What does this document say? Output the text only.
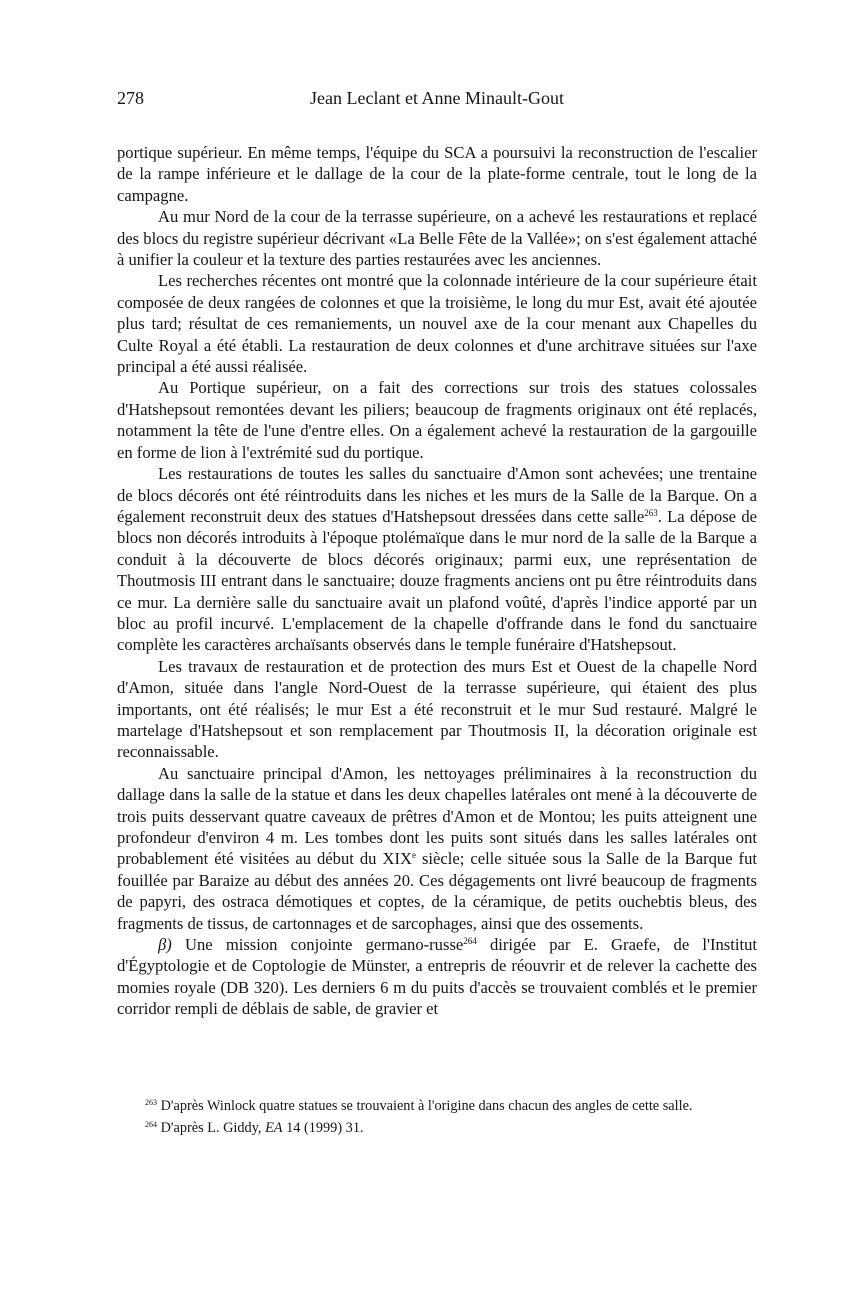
278	Jean Leclant et Anne Minault-Gout

portique supérieur. En même temps, l'équipe du SCA a poursuivi la reconstruction de l'escalier de la rampe inférieure et le dallage de la cour de la plate-forme centrale, tout le long de la campagne.

Au mur Nord de la cour de la terrasse supérieure, on a achevé les restaurations et replacé des blocs du registre supérieur décrivant «La Belle Fête de la Vallée»; on s'est également attaché à unifier la couleur et la texture des parties restaurées avec les anciennes.

Les recherches récentes ont montré que la colonnade intérieure de la cour supérieure était composée de deux rangées de colonnes et que la troisième, le long du mur Est, avait été ajoutée plus tard; résultat de ces remaniements, un nouvel axe de la cour menant aux Chapelles du Culte Royal a été établi. La restauration de deux colonnes et d'une architrave situées sur l'axe principal a été aussi réalisée.

Au Portique supérieur, on a fait des corrections sur trois des statues colossales d'Hatshepsout remontées devant les piliers; beaucoup de fragments originaux ont été replacés, notamment la tête de l'une d'entre elles. On a également achevé la restauration de la gargouille en forme de lion à l'extrémité sud du portique.

Les restaurations de toutes les salles du sanctuaire d'Amon sont achevées; une trentaine de blocs décorés ont été réintroduits dans les niches et les murs de la Salle de la Barque. On a également reconstruit deux des statues d'Hatshepsout dressées dans cette salle$^{263}$. La dépose de blocs non décorés introduits à l'époque ptolémaïque dans le mur nord de la salle de la Barque a conduit à la découverte de blocs décorés originaux; parmi eux, une représentation de Thoutmosis III entrant dans le sanctuaire; douze fragments anciens ont pu être réintroduits dans ce mur. La dernière salle du sanctuaire avait un plafond voûté, d'après l'indice apporté par un bloc au profil incurvé. L'emplacement de la chapelle d'offrande dans le fond du sanctuaire complète les caractères archaïsants observés dans le temple funéraire d'Hatshepsout.

Les travaux de restauration et de protection des murs Est et Ouest de la chapelle Nord d'Amon, située dans l'angle Nord-Ouest de la terrasse supérieure, qui étaient des plus importants, ont été réalisés; le mur Est a été reconstruit et le mur Sud restauré. Malgré le martelage d'Hatshepsout et son remplacement par Thoutmosis II, la décoration originale est reconnaissable.

Au sanctuaire principal d'Amon, les nettoyages préliminaires à la reconstruction du dallage dans la salle de la statue et dans les deux chapelles latérales ont mené à la découverte de trois puits desservant quatre caveaux de prêtres d'Amon et de Montou; les puits atteignent une profondeur d'environ 4 m. Les tombes dont les puits sont situés dans les salles latérales ont probablement été visitées au début du XIXe siècle; celle située sous la Salle de la Barque fut fouillée par Baraize au début des années 20. Ces dégagements ont livré beaucoup de fragments de papyri, des ostraca démotiques et coptes, de la céramique, de petits ouchebtis bleus, des fragments de tissus, de cartonnages et de sarcophages, ainsi que des ossements.

β) Une mission conjointe germano-russe$^{264}$ dirigée par E. Graefe, de l'Institut d'Égyptologie et de Coptologie de Münster, a entrepris de réouvrir et de relever la cachette des momies royale (DB 320). Les derniers 6 m du puits d'accès se trouvaient comblés et le premier corridor rempli de déblais de sable, de gravier et

$^{263}$ D'après Winlock quatre statues se trouvaient à l'origine dans chacun des angles de cette salle.

$^{264}$ D'après L. Giddy, EA 14 (1999) 31.
